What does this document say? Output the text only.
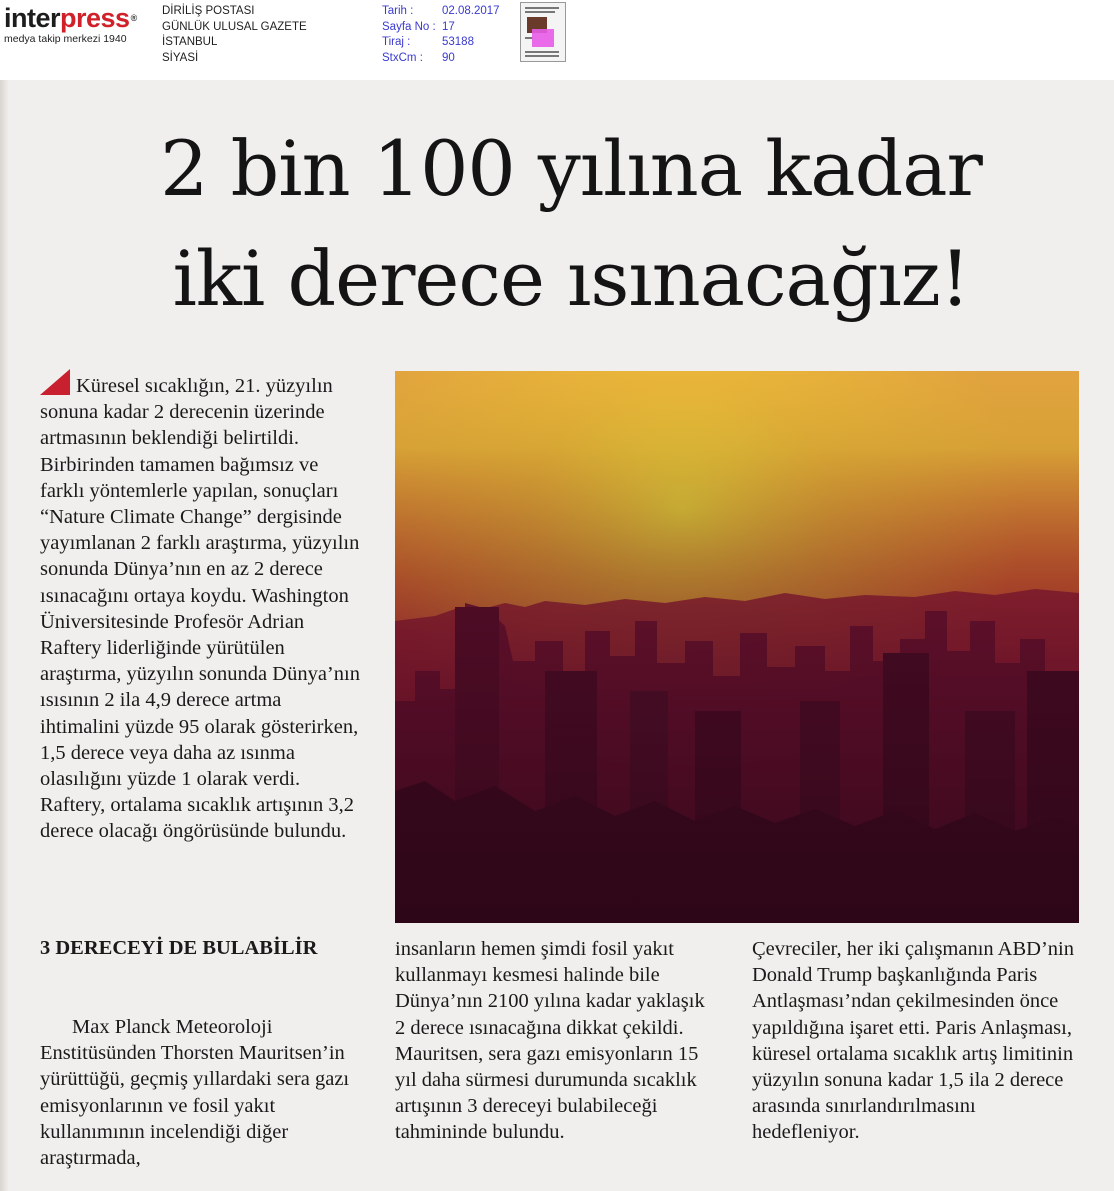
interpress®
medya takip merkezi 1940
DİRİLİŞ POSTASI
GÜNLÜK ULUSAL GAZETE
İSTANBUL
SİYASİ
Tarih :	02.08.2017
Sayfa No : 17
Tiraj :	53188
StxCm :	90
2 bin 100 yılına kadar
iki derece ısınacağız!

Küresel sıcaklığın, 21. yüzyılın sonuna kadar 2 derecenin üzerinde artmasının beklendiği belirtildi. Birbirinden tamamen bağımsız ve farklı yöntemlerle yapılan, sonuçları “Nature Climate Change” dergisinde yayımlanan 2 farklı araştırma, yüzyılın sonunda Dünya’nın en az 2 derece ısınacağını ortaya koydu. Washington Üniversitesinde Profesör Adrian Raftery liderliğinde yürütülen araştırma, yüzyılın sonunda Dünya’nın ısısının 2 ila 4,9 derece artma ihtimalini yüzde 95 olarak gösterirken, 1,5 derece veya daha az ısınma olasılığını yüzde 1 olarak verdi. Raftery, ortalama sıcaklık artışının 3,2 derece olacağı öngörüsünde bulundu.

3 DERECEYİ DE BULABİLİR

Max Planck Meteoroloji Enstitüsünden Thorsten Mauritsen’in yürüttüğü, geçmiş yıllardaki sera gazı emisyonlarının ve fosil yakıt kullanımının incelendiği diğer araştırmada,

insanların hemen şimdi fosil yakıt kullanmayı kesmesi halinde bile Dünya’nın 2100 yılına kadar yaklaşık 2 derece ısınacağına dikkat çekildi. Mauritsen, sera gazı emisyonların 15 yıl daha sürmesi durumunda sıcaklık artışının 3 dereceyi bulabileceği tahmininde bulundu.

Çevreciler, her iki çalışmanın ABD’nin Donald Trump başkanlığında Paris Antlaşması’ndan çekilmesinden önce yapıldığına işaret etti. Paris Anlaşması, küresel ortalama sıcaklık artış limitinin yüzyılın sonuna kadar 1,5 ila 2 derece arasında sınırlandırılmasını hedefleniyor.
